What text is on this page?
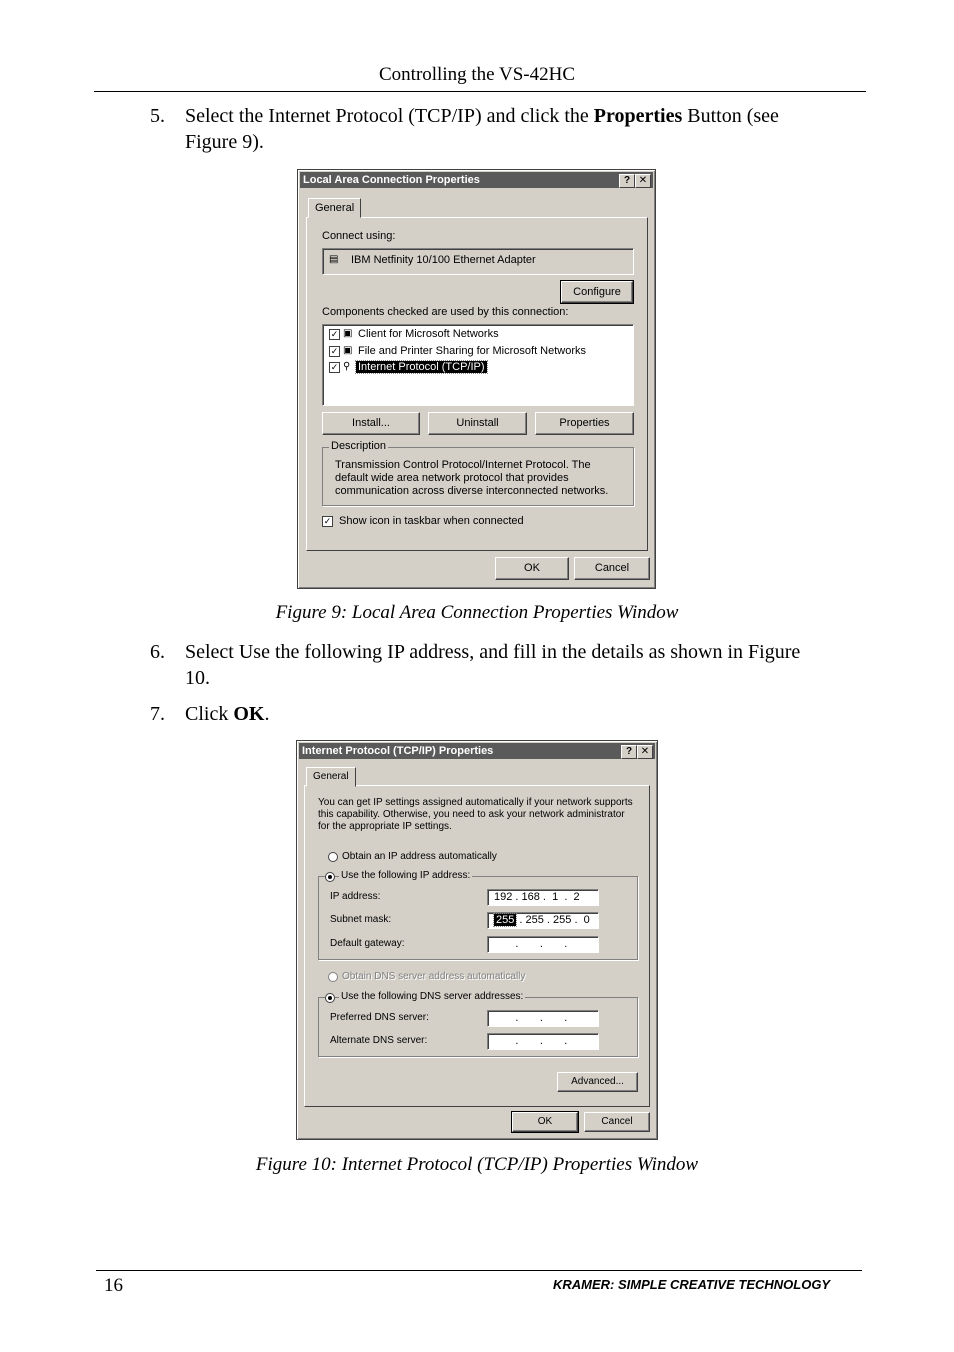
Controlling the VS-42HC
5.	Select the Internet Protocol (TCP/IP) and click the Properties Button (see Figure 9).
Local Area Connection Properties	? ✕
General
Connect using:
▤ IBM Netfinity 10/100 Ethernet Adapter
Configure
Components checked are used by this connection:
✓ ▣ Client for Microsoft Networks
✓ ▣ File and Printer Sharing for Microsoft Networks
✓ ⚲ Internet Protocol (TCP/IP)
Install...	Uninstall	Properties
Description
Transmission Control Protocol/Internet Protocol. The default wide area network protocol that provides communication across diverse interconnected networks.
✓ Show icon in taskbar when connected
OK	Cancel
Figure 9: Local Area Connection Properties Window
6.	Select Use the following IP address, and fill in the details as shown in Figure 10.
7.	Click OK.
Internet Protocol (TCP/IP) Properties	? ✕
General
You can get IP settings assigned automatically if your network supports this capability. Otherwise, you need to ask your network administrator for the appropriate IP settings.
Obtain an IP address automatically
Use the following IP address:
IP address:	192 . 168 .  1  .  2
Subnet mask:	255 . 255 . 255 .  0
Default gateway:	.       .       .
Obtain DNS server address automatically
Use the following DNS server addresses:
Preferred DNS server:	.       .       .
Alternate DNS server:	.       .       .
Advanced...
OK	Cancel
Figure 10: Internet Protocol (TCP/IP) Properties Window
16	KRAMER: SIMPLE CREATIVE TECHNOLOGY
